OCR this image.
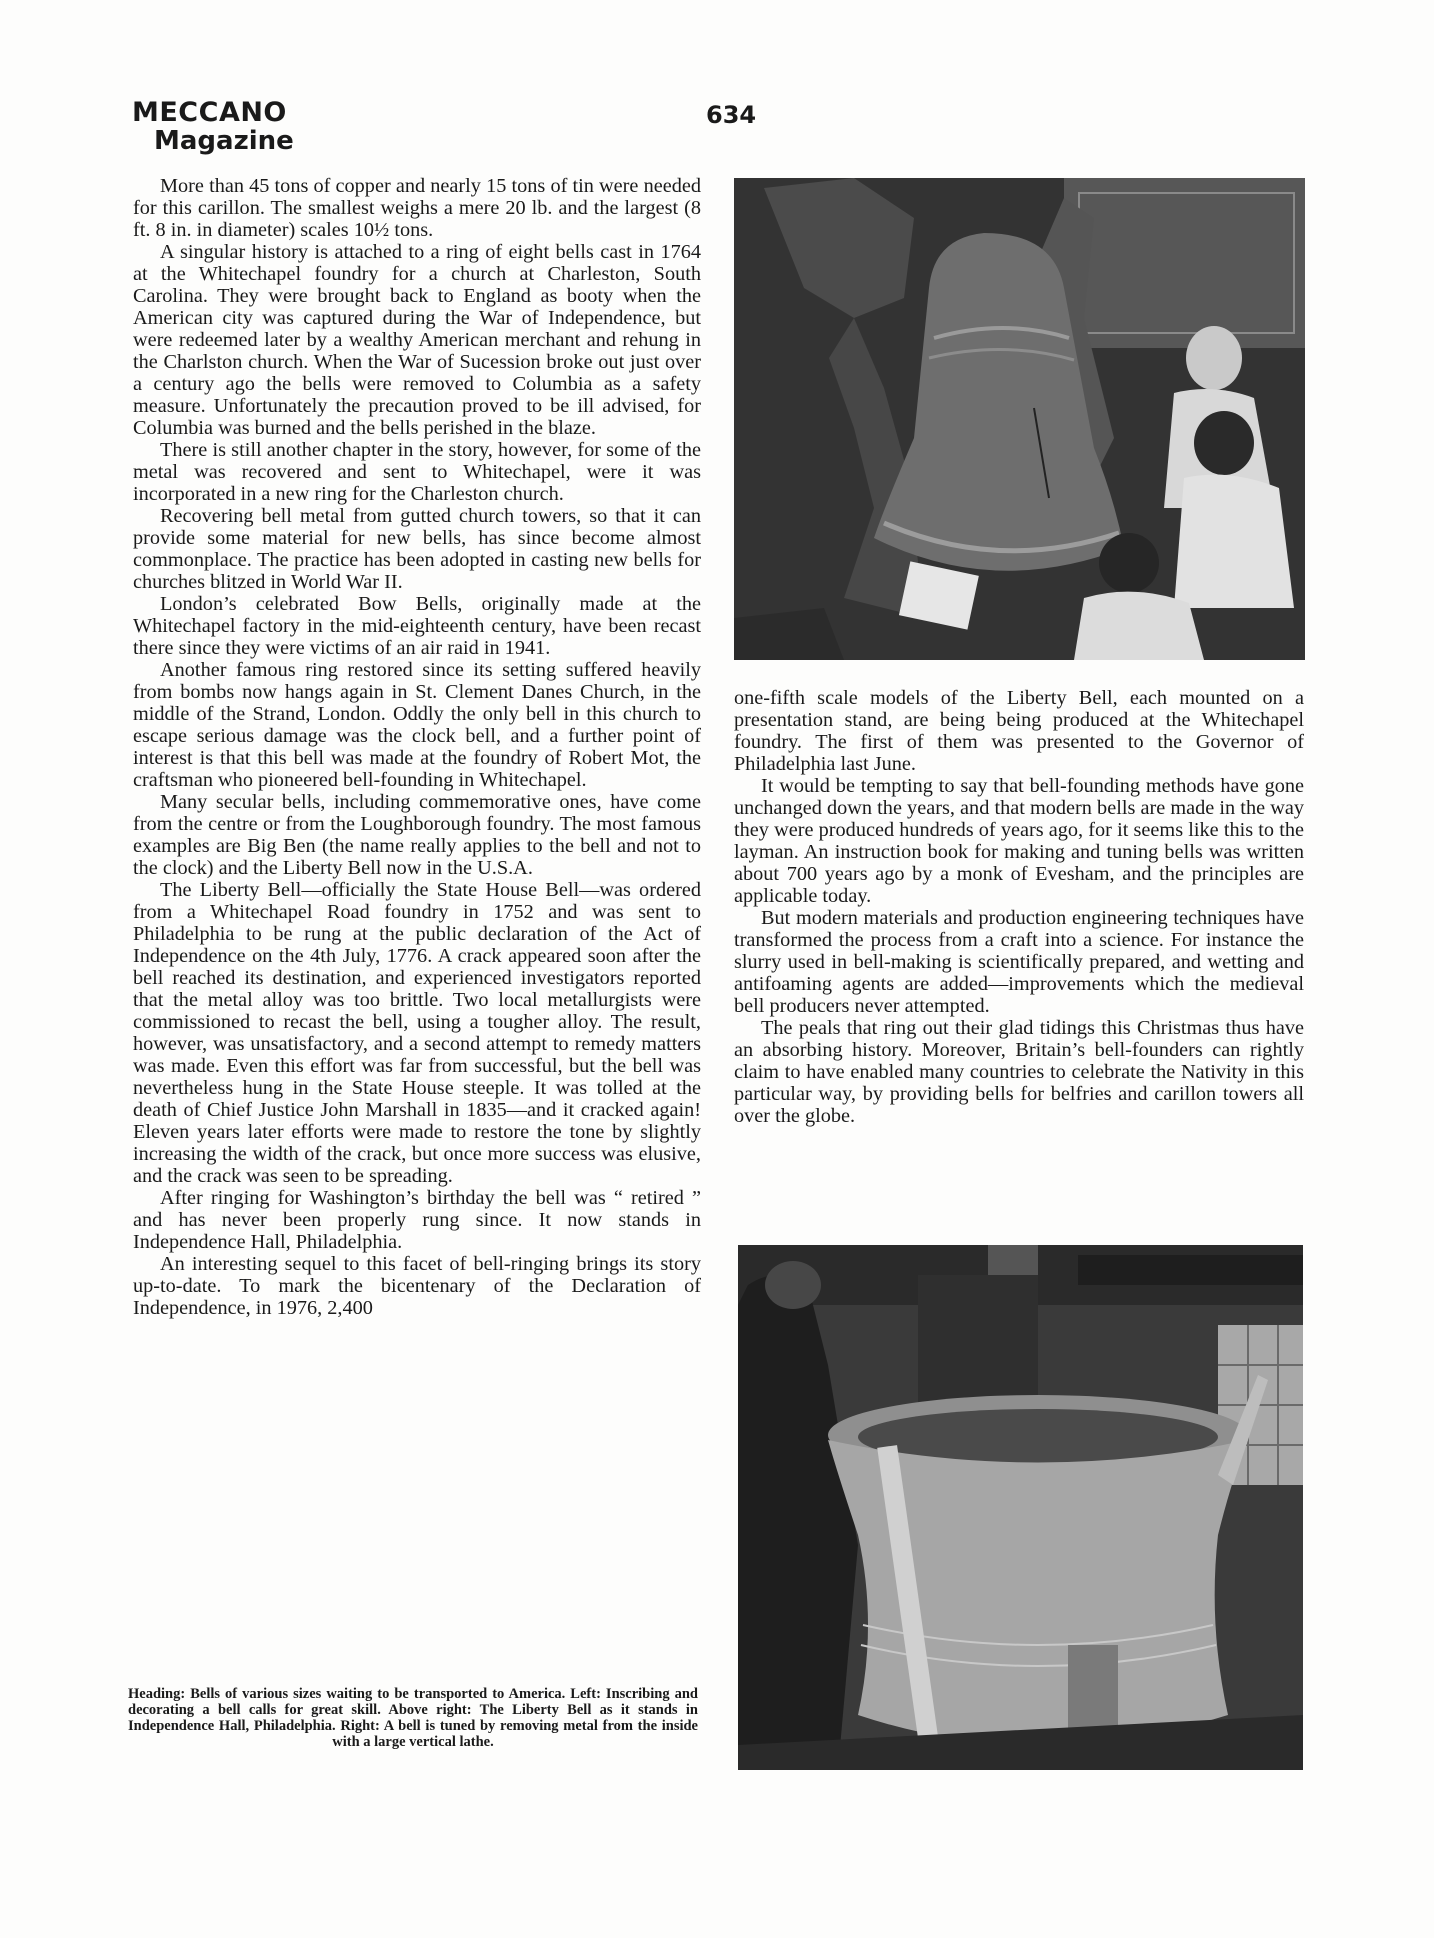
MECCANO
Magazine
634

More than 45 tons of copper and nearly 15 tons of tin were needed for this carillon. The smallest weighs a mere 20 lb. and the largest (8 ft. 8 in. in diameter) scales 10½ tons.

A singular history is attached to a ring of eight bells cast in 1764 at the Whitechapel foundry for a church at Charleston, South Carolina. They were brought back to England as booty when the American city was captured during the War of Independence, but were redeemed later by a wealthy American merchant and rehung in the Charlston church. When the War of Sucession broke out just over a century ago the bells were removed to Columbia as a safety measure. Unfortunately the precaution proved to be ill advised, for Columbia was burned and the bells perished in the blaze.

There is still another chapter in the story, however, for some of the metal was recovered and sent to Whitechapel, were it was incorporated in a new ring for the Charleston church.

Recovering bell metal from gutted church towers, so that it can provide some material for new bells, has since become almost commonplace. The practice has been adopted in casting new bells for churches blitzed in World War II.

London’s celebrated Bow Bells, originally made at the Whitechapel factory in the mid-eighteenth century, have been recast there since they were victims of an air raid in 1941.

Another famous ring restored since its setting suffered heavily from bombs now hangs again in St. Clement Danes Church, in the middle of the Strand, London. Oddly the only bell in this church to escape serious damage was the clock bell, and a further point of interest is that this bell was made at the foundry of Robert Mot, the craftsman who pioneered bell-founding in Whitechapel.

Many secular bells, including commemorative ones, have come from the centre or from the Loughborough foundry. The most famous examples are Big Ben (the name really applies to the bell and not to the clock) and the Liberty Bell now in the U.S.A.

The Liberty Bell—officially the State House Bell—was ordered from a Whitechapel Road foundry in 1752 and was sent to Philadelphia to be rung at the public declaration of the Act of Independence on the 4th July, 1776. A crack appeared soon after the bell reached its destination, and experienced investigators reported that the metal alloy was too brittle. Two local metallurgists were commissioned to recast the bell, using a tougher alloy. The result, however, was unsatisfactory, and a second attempt to remedy matters was made. Even this effort was far from successful, but the bell was nevertheless hung in the State House steeple. It was tolled at the death of Chief Justice John Marshall in 1835—and it cracked again! Eleven years later efforts were made to restore the tone by slightly increasing the width of the crack, but once more success was elusive, and the crack was seen to be spreading.

After ringing for Washington’s birthday the bell was “ retired ” and has never been properly rung since. It now stands in Independence Hall, Philadelphia.

An interesting sequel to this facet of bell-ringing brings its story up-to-date. To mark the bicentenary of the Declaration of Independence, in 1976, 2,400

one-fifth scale models of the Liberty Bell, each mounted on a presentation stand, are being being produced at the Whitechapel foundry. The first of them was presented to the Governor of Philadelphia last June.

It would be tempting to say that bell-founding methods have gone unchanged down the years, and that modern bells are made in the way they were produced hundreds of years ago, for it seems like this to the layman. An instruction book for making and tuning bells was written about 700 years ago by a monk of Evesham, and the principles are applicable today.

But modern materials and production engineering techniques have transformed the process from a craft into a science. For instance the slurry used in bell-making is scientifically prepared, and wetting and antifoaming agents are added—improvements which the medieval bell producers never attempted.

The peals that ring out their glad tidings this Christmas thus have an absorbing history. Moreover, Britain’s bell-founders can rightly claim to have enabled many countries to celebrate the Nativity in this particular way, by providing bells for belfries and carillon towers all over the globe.

Heading: Bells of various sizes waiting to be transported to America. Left: Inscribing and decorating a bell calls for great skill. Above right: The Liberty Bell as it stands in Independence Hall, Philadelphia. Right: A bell is tuned by removing metal from the inside with a large vertical lathe.
